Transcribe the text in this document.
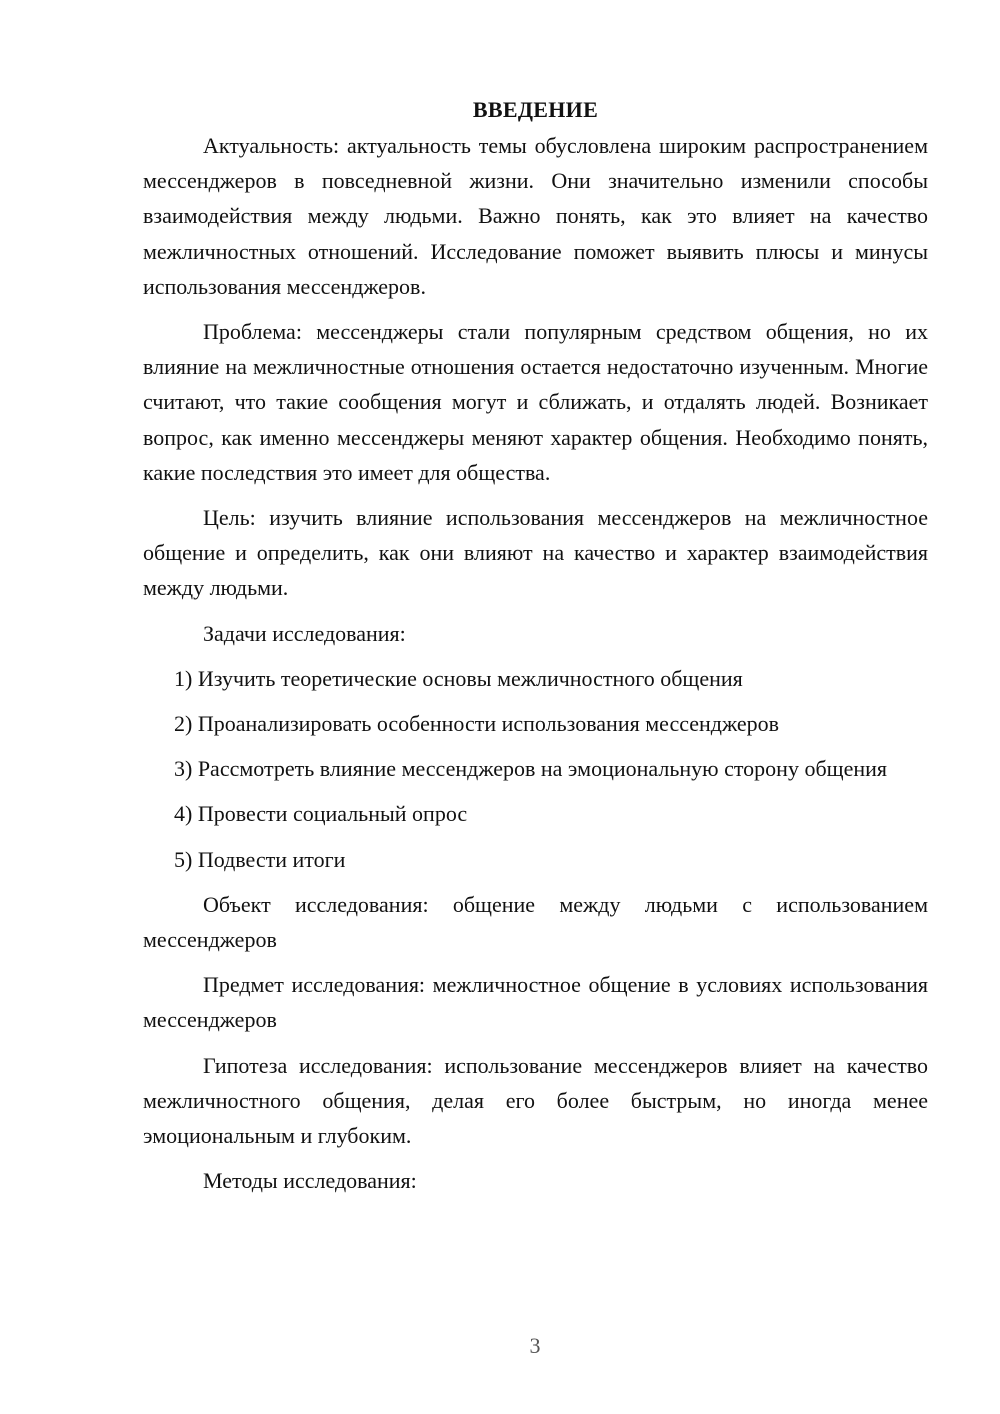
ВВЕДЕНИЕ

Актуальность: актуальность темы обусловлена широким распространением мессенджеров в повседневной жизни. Они значительно изменили способы взаимодействия между людьми. Важно понять, как это влияет на качество межличностных отношений. Исследование поможет выявить плюсы и минусы использования мессенджеров.

Проблема: мессенджеры стали популярным средством общения, но их влияние на межличностные отношения остается недостаточно изученным. Многие считают, что такие сообщения могут и сближать, и отдалять людей. Возникает вопрос, как именно мессенджеры меняют характер общения. Необходимо понять, какие последствия это имеет для общества.

Цель: изучить влияние использования мессенджеров на межличностное общение и определить, как они влияют на качество и характер взаимодействия между людьми.

Задачи исследования:

1) Изучить теоретические основы межличностного общения

2) Проанализировать особенности использования мессенджеров

3) Рассмотреть влияние мессенджеров на эмоциональную сторону общения

4) Провести социальный опрос

5) Подвести итоги

Объект исследования: общение между людьми с использованием мессенджеров

Предмет исследования: межличностное общение в условиях использования мессенджеров

Гипотеза исследования: использование мессенджеров влияет на качество межличностного общения, делая его более быстрым, но иногда менее эмоциональным и глубоким.

Методы исследования:

3
